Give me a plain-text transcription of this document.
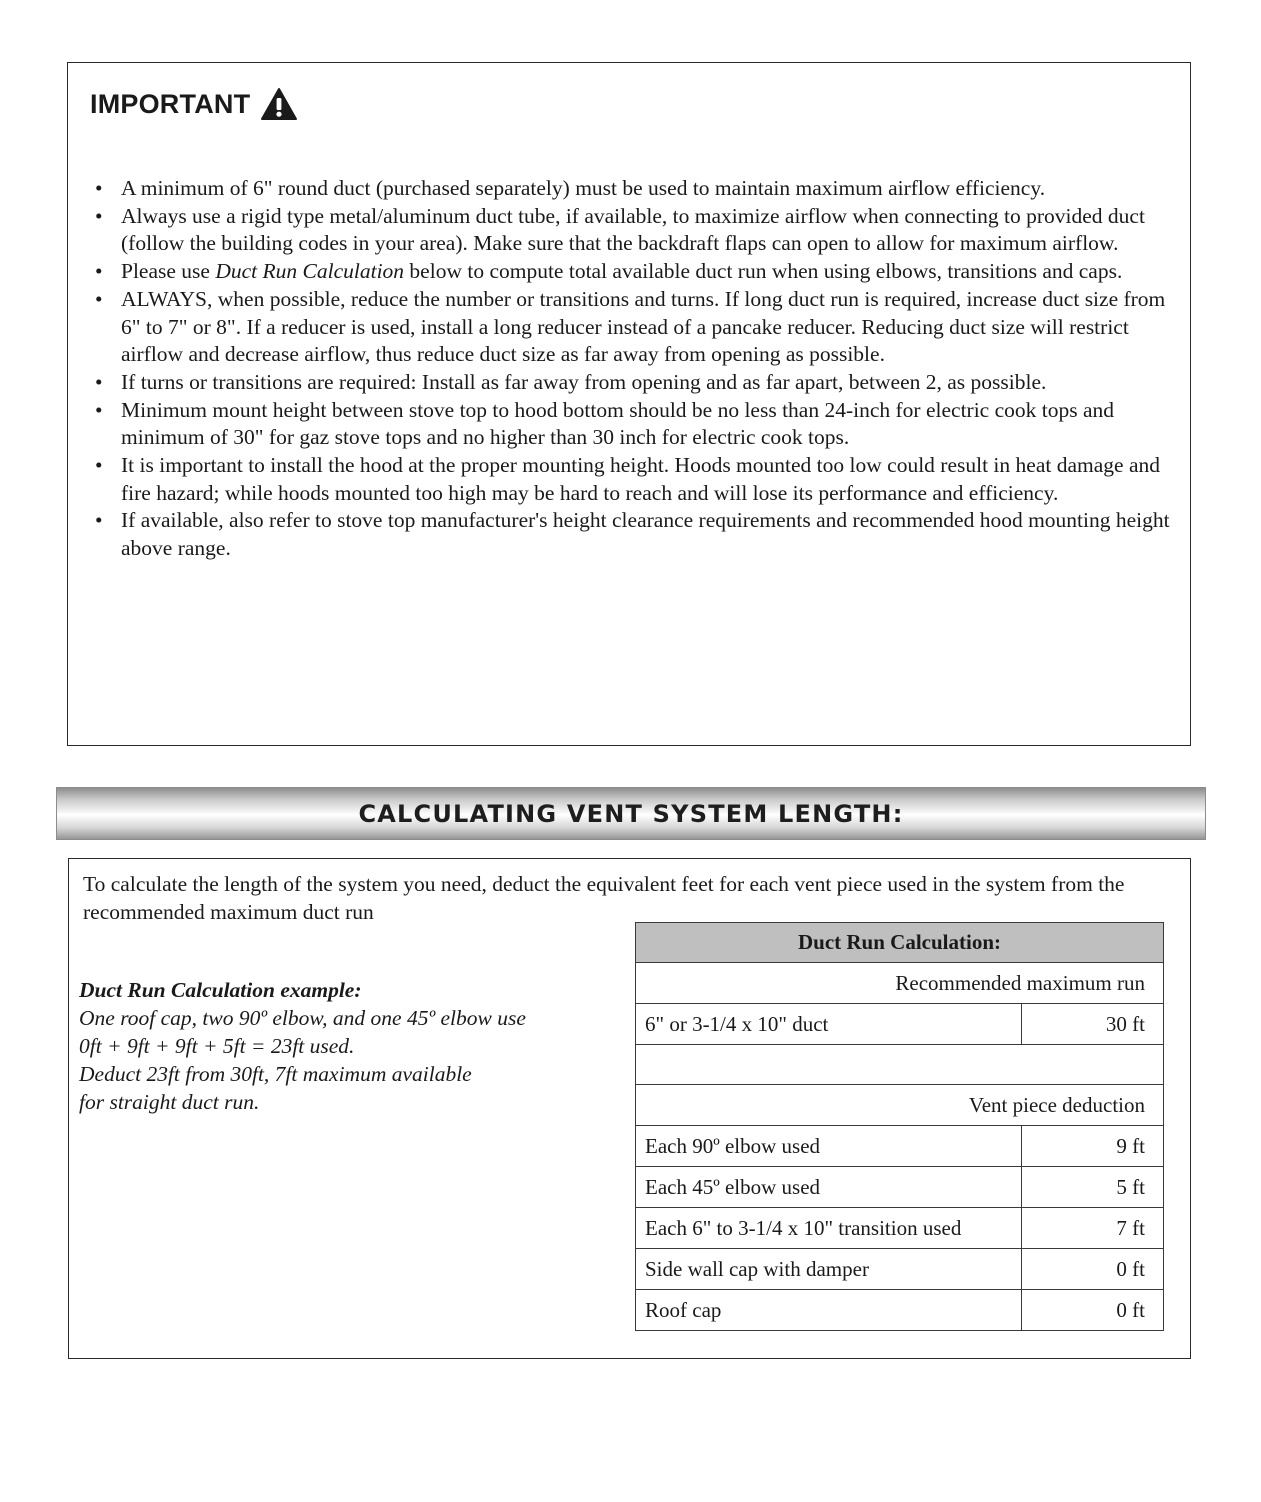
IMPORTANT
• A minimum of 6" round duct (purchased separately) must be used to maintain maximum airflow efficiency.
• Always use a rigid type metal/aluminum duct tube, if available, to maximize airflow when connecting to provided duct (follow the building codes in your area). Make sure that the backdraft flaps can open to allow for maximum airflow.
• Please use Duct Run Calculation below to compute total available duct run when using elbows, transitions and caps.
• ALWAYS, when possible, reduce the number or transitions and turns. If long duct run is required, increase duct size from 6" to 7" or 8". If a reducer is used, install a long reducer instead of a pancake reducer. Reducing duct size will restrict airflow and decrease airflow, thus reduce duct size as far away from opening as possible.
• If turns or transitions are required: Install as far away from opening and as far apart, between 2, as possible.
• Minimum mount height between stove top to hood bottom should be no less than 24-inch for electric cook tops and minimum of 30" for gaz stove tops and no higher than 30 inch for electric cook tops.
• It is important to install the hood at the proper mounting height. Hoods mounted too low could result in heat damage and fire hazard; while hoods mounted too high may be hard to reach and will lose its performance and efficiency.
• If available, also refer to stove top manufacturer's height clearance requirements and recommended hood mounting height above range.
CALCULATING VENT SYSTEM LENGTH:
To calculate the length of the system you need, deduct the equivalent feet for each vent piece used in the system from the recommended maximum duct run
Duct Run Calculation example:
One roof cap, two 90º elbow, and one 45º elbow use
0ft + 9ft + 9ft + 5ft = 23ft used.
Deduct 23ft from 30ft, 7ft maximum available
for straight duct run.
Duct Run Calculation:	
Recommended maximum run	
6" or 3-1/4 x 10" duct	30 ft

Vent piece deduction	
Each 90º elbow used	9 ft
Each 45º elbow used	5 ft
Each 6" to 3-1/4 x 10" transition used	7 ft
Side wall cap with damper	0 ft
Roof cap	0 ft
